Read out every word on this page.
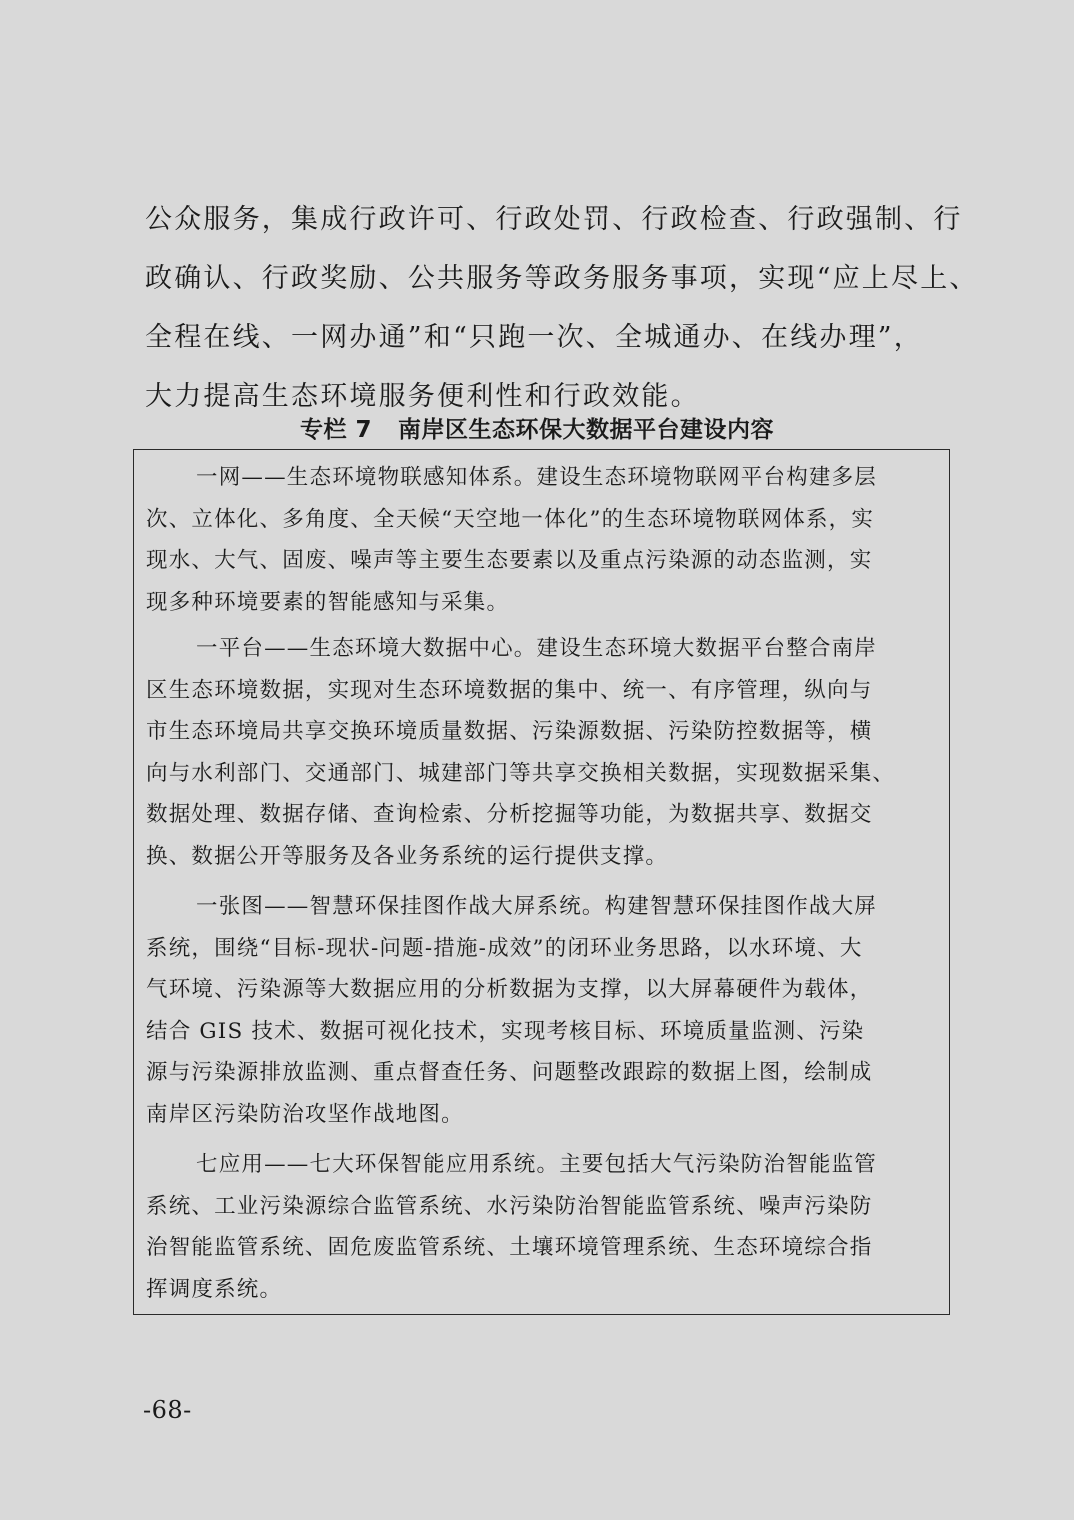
公众服务，集成行政许可、行政处罚、行政检查、行政强制、行
政确认、行政奖励、公共服务等政务服务事项，实现“应上尽上、
全程在线、一网办通”和“只跑一次、全城通办、在线办理”，
大力提高生态环境服务便利性和行政效能。
专栏 7 南岸区生态环保大数据平台建设内容
一网——生态环境物联感知体系。建设生态环境物联网平台构建多层
次、立体化、多角度、全天候“天空地一体化”的生态环境物联网体系，实
现水、大气、固废、噪声等主要生态要素以及重点污染源的动态监测，实
现多种环境要素的智能感知与采集。
一平台——生态环境大数据中心。建设生态环境大数据平台整合南岸
区生态环境数据，实现对生态环境数据的集中、统一、有序管理，纵向与
市生态环境局共享交换环境质量数据、污染源数据、污染防控数据等，横
向与水利部门、交通部门、城建部门等共享交换相关数据，实现数据采集、
数据处理、数据存储、查询检索、分析挖掘等功能，为数据共享、数据交
换、数据公开等服务及各业务系统的运行提供支撑。
一张图——智慧环保挂图作战大屏系统。构建智慧环保挂图作战大屏
系统，围绕“目标-现状-问题-措施-成效”的闭环业务思路，以水环境、大
气环境、污染源等大数据应用的分析数据为支撑，以大屏幕硬件为载体，
结合 GIS 技术、数据可视化技术，实现考核目标、环境质量监测、污染
源与污染源排放监测、重点督查任务、问题整改跟踪的数据上图，绘制成
南岸区污染防治攻坚作战地图。
七应用——七大环保智能应用系统。主要包括大气污染防治智能监管
系统、工业污染源综合监管系统、水污染防治智能监管系统、噪声污染防
治智能监管系统、固危废监管系统、土壤环境管理系统、生态环境综合指
挥调度系统。
-68-
